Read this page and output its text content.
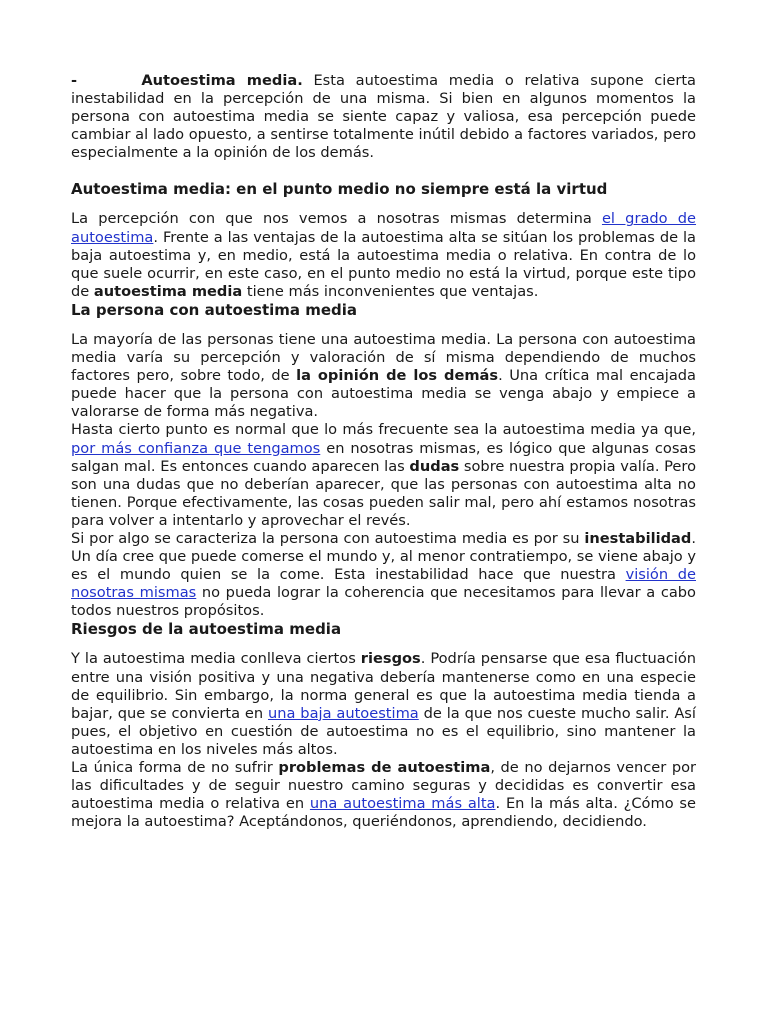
-	Autoestima media. Esta autoestima media o relativa supone cierta inestabilidad en la percepción de una misma. Si bien en algunos momentos la persona con autoestima media se siente capaz y valiosa, esa percepción puede cambiar al lado opuesto, a sentirse totalmente inútil debido a factores variados, pero especialmente a la opinión de los demás.

Autoestima media: en el punto medio no siempre está la virtud

La percepción con que nos vemos a nosotras mismas determina el grado de autoestima. Frente a las ventajas de la autoestima alta se sitúan los problemas de la baja autoestima y, en medio, está la autoestima media o relativa. En contra de lo que suele ocurrir, en este caso, en el punto medio no está la virtud, porque este tipo de autoestima media tiene más inconvenientes que ventajas.

La persona con autoestima media

La mayoría de las personas tiene una autoestima media. La persona con autoestima media varía su percepción y valoración de sí misma dependiendo de muchos factores pero, sobre todo, de la opinión de los demás. Una crítica mal encajada puede hacer que la persona con autoestima media se venga abajo y empiece a valorarse de forma más negativa.

Hasta cierto punto es normal que lo más frecuente sea la autoestima media ya que, por más confianza que tengamos en nosotras mismas, es lógico que algunas cosas salgan mal. Es entonces cuando aparecen las dudas sobre nuestra propia valía. Pero son una dudas que no deberían aparecer, que las personas con autoestima alta no tienen. Porque efectivamente, las cosas pueden salir mal, pero ahí estamos nosotras para volver a intentarlo y aprovechar el revés.

Si por algo se caracteriza la persona con autoestima media es por su inestabilidad. Un día cree que puede comerse el mundo y, al menor contratiempo, se viene abajo y es el mundo quien se la come. Esta inestabilidad hace que nuestra visión de nosotras mismas no pueda lograr la coherencia que necesitamos para llevar a cabo todos nuestros propósitos.

Riesgos de la autoestima media

Y la autoestima media conlleva ciertos riesgos. Podría pensarse que esa fluctuación entre una visión positiva y una negativa debería mantenerse como en una especie de equilibrio. Sin embargo, la norma general es que la autoestima media tienda a bajar, que se convierta en una baja autoestima de la que nos cueste mucho salir. Así pues, el objetivo en cuestión de autoestima no es el equilibrio, sino mantener la autoestima en los niveles más altos.

La única forma de no sufrir problemas de autoestima, de no dejarnos vencer por las dificultades y de seguir nuestro camino seguras y decididas es convertir esa autoestima media o relativa en una autoestima más alta. En la más alta. ¿Cómo se mejora la autoestima? Aceptándonos, queriéndonos, aprendiendo, decidiendo.
